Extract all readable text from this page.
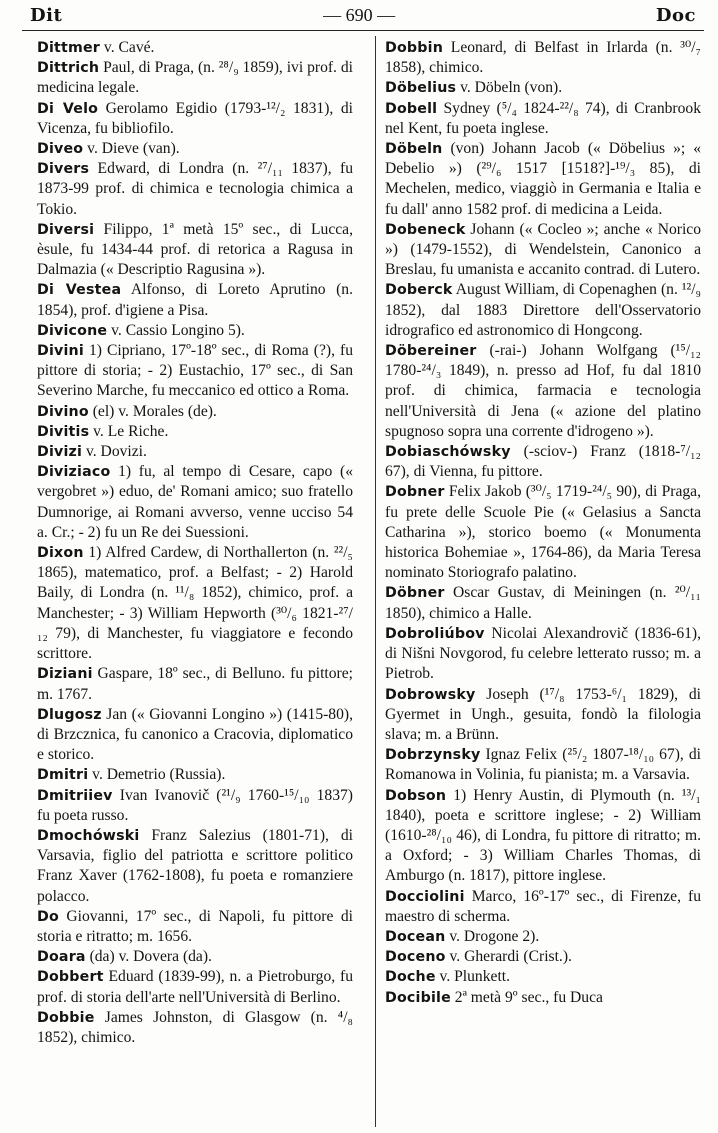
Dit	— 690 —	Doc

Dittmer v. Cavé.

Dittrich Paul, di Praga, (n. ²⁸/₉ 1859), ivi prof. di medicina legale.

Di Velo Gerolamo Egidio (1793-¹²/₂ 1831), di Vicenza, fu bibliofilo.

Diveo v. Dieve (van).

Divers Edward, di Londra (n. ²⁷/₁₁ 1837), fu 1873-99 prof. di chimica e tecnologia chimica a Tokio.

Diversi Filippo, 1ª metà 15º sec., di Lucca, èsule, fu 1434-44 prof. di retorica a Ragusa in Dalmazia (« Descriptio Ragusina »).

Di Vestea Alfonso, di Loreto Aprutino (n. 1854), prof. d'igiene a Pisa.

Divicone v. Cassio Longino 5).

Divini 1) Cipriano, 17º-18º sec., di Roma (?), fu pittore di storia; - 2) Eustachio, 17º sec., di San Severino Marche, fu meccanico ed ottico a Roma.

Divino (el) v. Morales (de).

Divitis v. Le Riche.

Divizi v. Dovizi.

Diviziaco 1) fu, al tempo di Cesare, capo (« vergobret ») eduo, de' Romani amico; suo fratello Dumnorige, ai Romani avverso, venne ucciso 54 a. Cr.; - 2) fu un Re dei Suessioni.

Dixon 1) Alfred Cardew, di Northallerton (n. ²²/₅ 1865), matematico, prof. a Belfast; - 2) Harold Baily, di Londra (n. ¹¹/₈ 1852), chimico, prof. a Manchester; - 3) William Hepworth (³⁰/₆ 1821-²⁷/₁₂ 79), di Manchester, fu viaggiatore e fecondo scrittore.

Diziani Gaspare, 18º sec., di Belluno. fu pittore; m. 1767.

Dlugosz Jan (« Giovanni Longino ») (1415-80), di Brzcznica, fu canonico a Cracovia, diplomatico e storico.

Dmitri v. Demetrio (Russia).

Dmitriiev Ivan Ivanovič (²¹/₉ 1760-¹⁵/₁₀ 1837) fu poeta russo.

Dmochówski Franz Salezius (1801-71), di Varsavia, figlio del patriotta e scrittore politico Franz Xaver (1762-1808), fu poeta e romanziere polacco.

Do Giovanni, 17º sec., di Napoli, fu pittore di storia e ritratto; m. 1656.

Doara (da) v. Dovera (da).

Dobbert Eduard (1839-99), n. a Pietroburgo, fu prof. di storia dell'arte nell'Università di Berlino.

Dobbie James Johnston, di Glasgow (n. ⁴/₈ 1852), chimico.

Dobbin Leonard, di Belfast in Irlarda (n. ³⁰/₇ 1858), chimico.

Döbelius v. Döbeln (von).

Dobell Sydney (⁵/₄ 1824-²²/₈ 74), di Cranbrook nel Kent, fu poeta inglese.

Döbeln (von) Johann Jacob (« Döbelius »; « Debelio ») (²⁹/₆ 1517 [1518?]-¹⁹/₃ 85), di Mechelen, medico, viaggiò in Germania e Italia e fu dall' anno 1582 prof. di medicina a Leida.

Dobeneck Johann (« Cocleo »; anche « Norico ») (1479-1552), di Wendelstein, Canonico a Breslau, fu umanista e accanito contrad. di Lutero.

Doberck August William, di Copenaghen (n. ¹²/₉ 1852), dal 1883 Direttore dell'Osservatorio idrografico ed astronomico di Hongcong.

Döbereiner (-rai-) Johann Wolfgang (¹⁵/₁₂ 1780-²⁴/₃ 1849), n. presso ad Hof, fu dal 1810 prof. di chimica, farmacia e tecnologia nell'Università di Jena (« azione del platino spugnoso sopra una corrente d'idrogeno »).

Dobiaschówsky (-sciov-) Franz (1818-⁷/₁₂ 67), di Vienna, fu pittore.

Dobner Felix Jakob (³⁰/₅ 1719-²⁴/₅ 90), di Praga, fu prete delle Scuole Pie (« Gelasius a Sancta Catharina »), storico boemo (« Monumenta historica Bohemiae », 1764-86), da Maria Teresa nominato Storiografo palatino.

Döbner Oscar Gustav, di Meiningen (n. ²⁰/₁₁ 1850), chimico a Halle.

Dobroliúbov Nicolai Alexandrovič (1836-61), di Nišni Novgorod, fu celebre letterato russo; m. a Pietrob.

Dobrowsky Joseph (¹⁷/₈ 1753-⁶/₁ 1829), di Gyermet in Ungh., gesuita, fondò la filologia slava; m. a Brünn.

Dobrzynsky Ignaz Felix (²⁵/₂ 1807-¹⁸/₁₀ 67), di Romanowa in Volinia, fu pianista; m. a Varsavia.

Dobson 1) Henry Austin, di Plymouth (n. ¹³/₁ 1840), poeta e scrittore inglese; - 2) William (1610-²⁸/₁₀ 46), di Londra, fu pittore di ritratto; m. a Oxford; - 3) William Charles Thomas, di Amburgo (n. 1817), pittore inglese.

Docciolini Marco, 16º-17º sec., di Firenze, fu maestro di scherma.

Docean v. Drogone 2).

Doceno v. Gherardi (Crist.).

Doche v. Plunkett.

Docibile 2ª metà 9º sec., fu Duca
